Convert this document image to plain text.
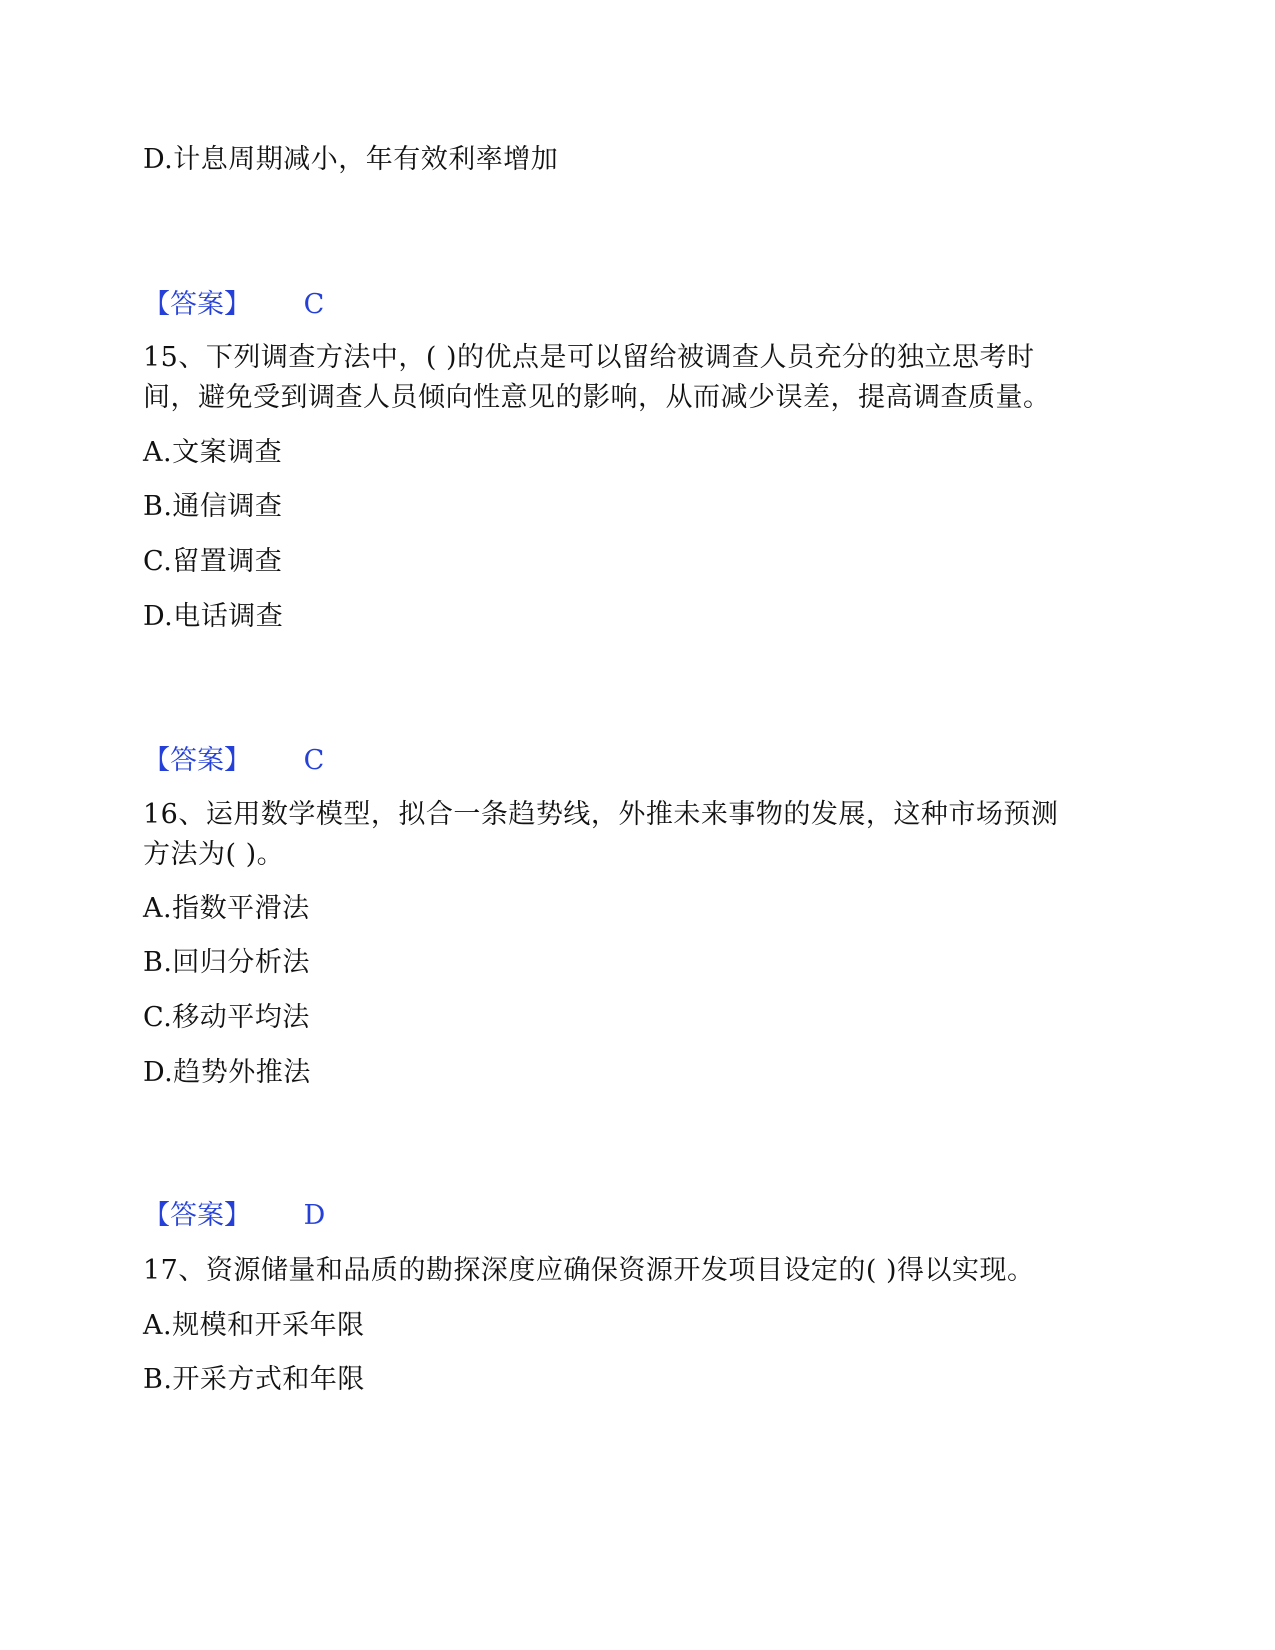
D.计息周期减小，年有效利率增加
【答案】 C
15、下列调查方法中，( )的优点是可以留给被调查人员充分的独立思考时
间，避免受到调查人员倾向性意见的影响，从而减少误差，提高调查质量。
A.文案调查
B.通信调查
C.留置调查
D.电话调查
【答案】 C
16、运用数学模型，拟合一条趋势线，外推未来事物的发展，这种市场预测
方法为( )。
A.指数平滑法
B.回归分析法
C.移动平均法
D.趋势外推法
【答案】 D
17、资源储量和品质的勘探深度应确保资源开发项目设定的( )得以实现。
A.规模和开采年限
B.开采方式和年限
